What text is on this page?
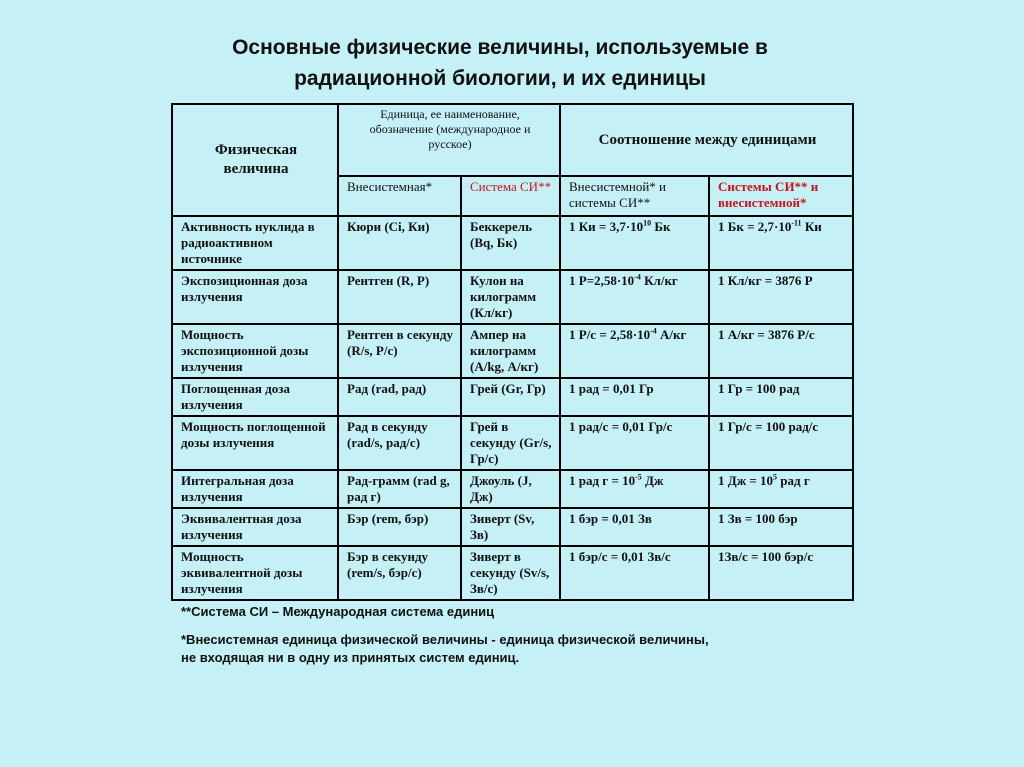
Основные физические величины, используемые в
радиационной биологии, и их единицы
Физическая величина	Единица, ее наименование, обозначение (международное и русское)		Соотношение между единицами	
	Внесистемная*	Система СИ**	Внесистемной* и системы СИ**	Системы СИ** и внесистемной*
Активность нуклида в радиоактивном источнике	Кюри (Ci, Ки)	Беккерель (Bq, Бк)	1 Ки = $3,7\cdot 10^{10}$ Бк	1 Бк = $2,7\cdot 10^{-11}$ Ки
Экспозиционная доза излучения	Рентген (R, Р)	Кулон на килограмм (Кл/кг)	1 $Р=2,58\cdot 10^{-4}$ Кл/кг	1 Кл/кг = 3876 Р
Мощность экспозиционной дозы излучения	Рентген в секунду (R/s, Р/с)	Ампер на килограмм (A/kg, А/кг)	1 $Р/с = 2,58\cdot 10^{-4}$ А/кг	1 А/кг = 3876 Р/с
Поглощенная доза излучения	Рад (rad, рад)	Грей (Gr, Гр)	1 рад = 0,01 Гр	1 Гр = 100 рад
Мощность поглощенной дозы излучения	Рад в секунду (rad/s, рад/с)	Грей в секунду (Gr/s, Гр/с)	1 рад/с = 0,01 Гр/с	1 Гр/с = 100 рад/с
Интегральная доза излучения	Рад-грамм (rad g, рад г)	Джоуль (J, Дж)	1 рад $г = 10^{-5}$ Дж	1 Дж = $10^5$ рад г
Эквивалентная доза излучения	Бэр (rem, бэр)	Зиверт (Sv, Зв)	1 бэр = 0,01 Зв	1 Зв = 100 бэр
Мощность эквивалентной дозы излучения	Бэр в секунду (rem/s, бэр/с)	Зиверт в секунду (Sv/s, Зв/с)	1 бэр/с = 0,01 Зв/с	1Зв/с = 100 бэр/с

**Система СИ – Международная система единиц

*Внесистемная единица физической величины - единица физической величины,

не входящая ни в одну из принятых систем единиц.
